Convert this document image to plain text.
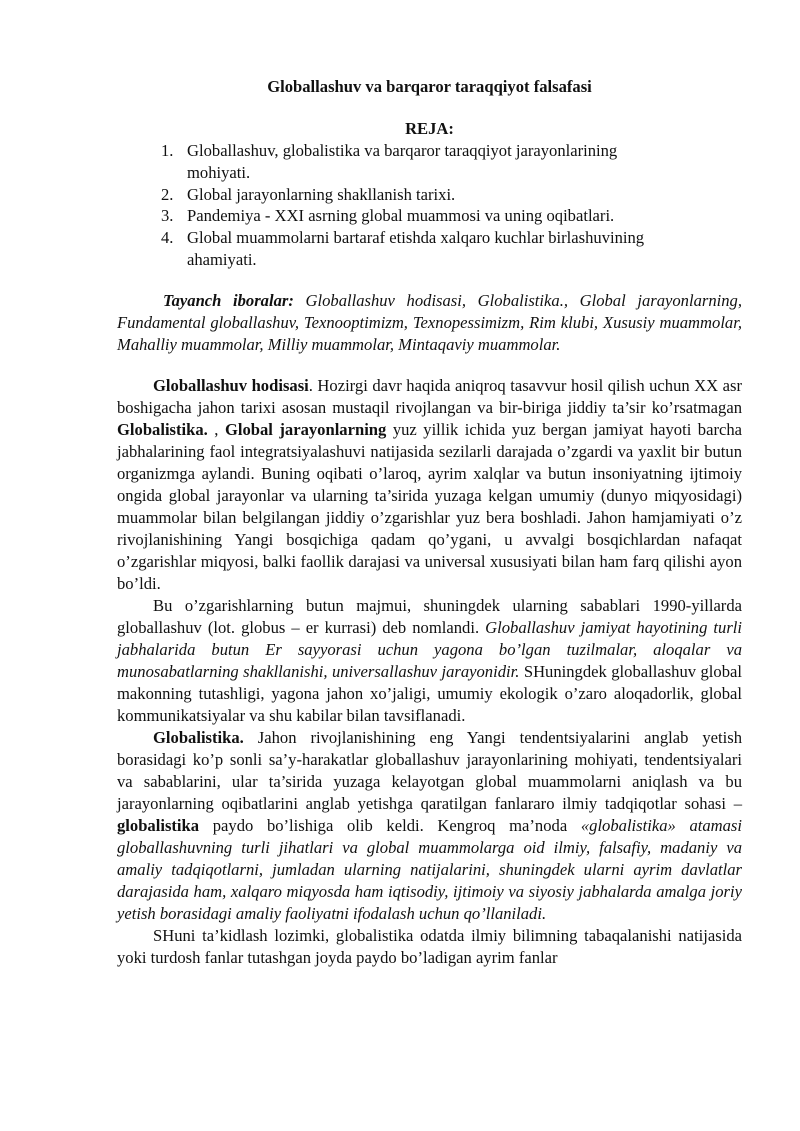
Globallashuv va barqaror taraqqiyot falsafasi
REJA:
1. Globallashuv, globalistika va barqaror taraqqiyot jarayonlarining mohiyati.
2. Global jarayonlarning shakllanish tarixi.
3. Pandemiya - XXI asrning global muammosi va uning oqibatlari.
4. Global muammolarni bartaraf etishda xalqaro kuchlar birlashuvining ahamiyati.

Tayanch iboralar: Globallashuv hodisasi, Globalistika., Global jarayonlarning, Fundamental globallashuv, Texnooptimizm, Texnopessimizm, Rim klubi, Xususiy muammolar, Mahalliy muammolar, Milliy muammolar, Mintaqaviy muammolar.

Globallashuv hodisasi. Hozirgi davr haqida aniqroq tasavvur hosil qilish uchun XX asr boshigacha jahon tarixi asosan mustaqil rivojlangan va bir-biriga jiddiy ta’sir ko’rsatmagan Globalistika. , Global jarayonlarning yuz yillik ichida yuz bergan jamiyat hayoti barcha jabhalarining faol integratsiyalashuvi natijasida sezilarli darajada o’zgardi va yaxlit bir butun organizmga aylandi. Buning oqibati o’laroq, ayrim xalqlar va butun insoniyatning ijtimoiy ongida global jarayonlar va ularning ta’sirida yuzaga kelgan umumiy (dunyo miqyosidagi) muammolar bilan belgilangan jiddiy o’zgarishlar yuz bera boshladi. Jahon hamjamiyati o’z rivojlanishining Yangi bosqichiga qadam qo’ygani, u avvalgi bosqichlardan nafaqat o’zgarishlar miqyosi, balki faollik darajasi va universal xususiyati bilan ham farq qilishi ayon bo’ldi.

Bu o’zgarishlarning butun majmui, shuningdek ularning sabablari 1990-yillarda globallashuv (lot. globus – er kurrasi) deb nomlandi. Globallashuv jamiyat hayotining turli jabhalarida butun Er sayyorasi uchun yagona bo’lgan tuzilmalar, aloqalar va munosabatlarning shakllanishi, universallashuv jarayonidir. SHuningdek globallashuv global makonning tutashligi, yagona jahon xo’jaligi, umumiy ekologik o’zaro aloqadorlik, global kommunikatsiyalar va shu kabilar bilan tavsiflanadi.

Globalistika. Jahon rivojlanishining eng Yangi tendentsiyalarini anglab yetish borasidagi ko’p sonli sa’y-harakatlar globallashuv jarayonlarining mohiyati, tendentsiyalari va sabablarini, ular ta’sirida yuzaga kelayotgan global muammolarni aniqlash va bu jarayonlarning oqibatlarini anglab yetishga qaratilgan fanlararo ilmiy tadqiqotlar sohasi – globalistika paydo bo’lishiga olib keldi. Kengroq ma’noda «globalistika» atamasi globallashuvning turli jihatlari va global muammolarga oid ilmiy, falsafiy, madaniy va amaliy tadqiqotlarni, jumladan ularning natijalarini, shuningdek ularni ayrim davlatlar darajasida ham, xalqaro miqyosda ham iqtisodiy, ijtimoiy va siyosiy jabhalarda amalga joriy yetish borasidagi amaliy faoliyatni ifodalash uchun qo’llaniladi.

SHuni ta’kidlash lozimki, globalistika odatda ilmiy bilimning tabaqalanishi natijasida yoki turdosh fanlar tutashgan joyda paydo bo’ladigan ayrim fanlar
